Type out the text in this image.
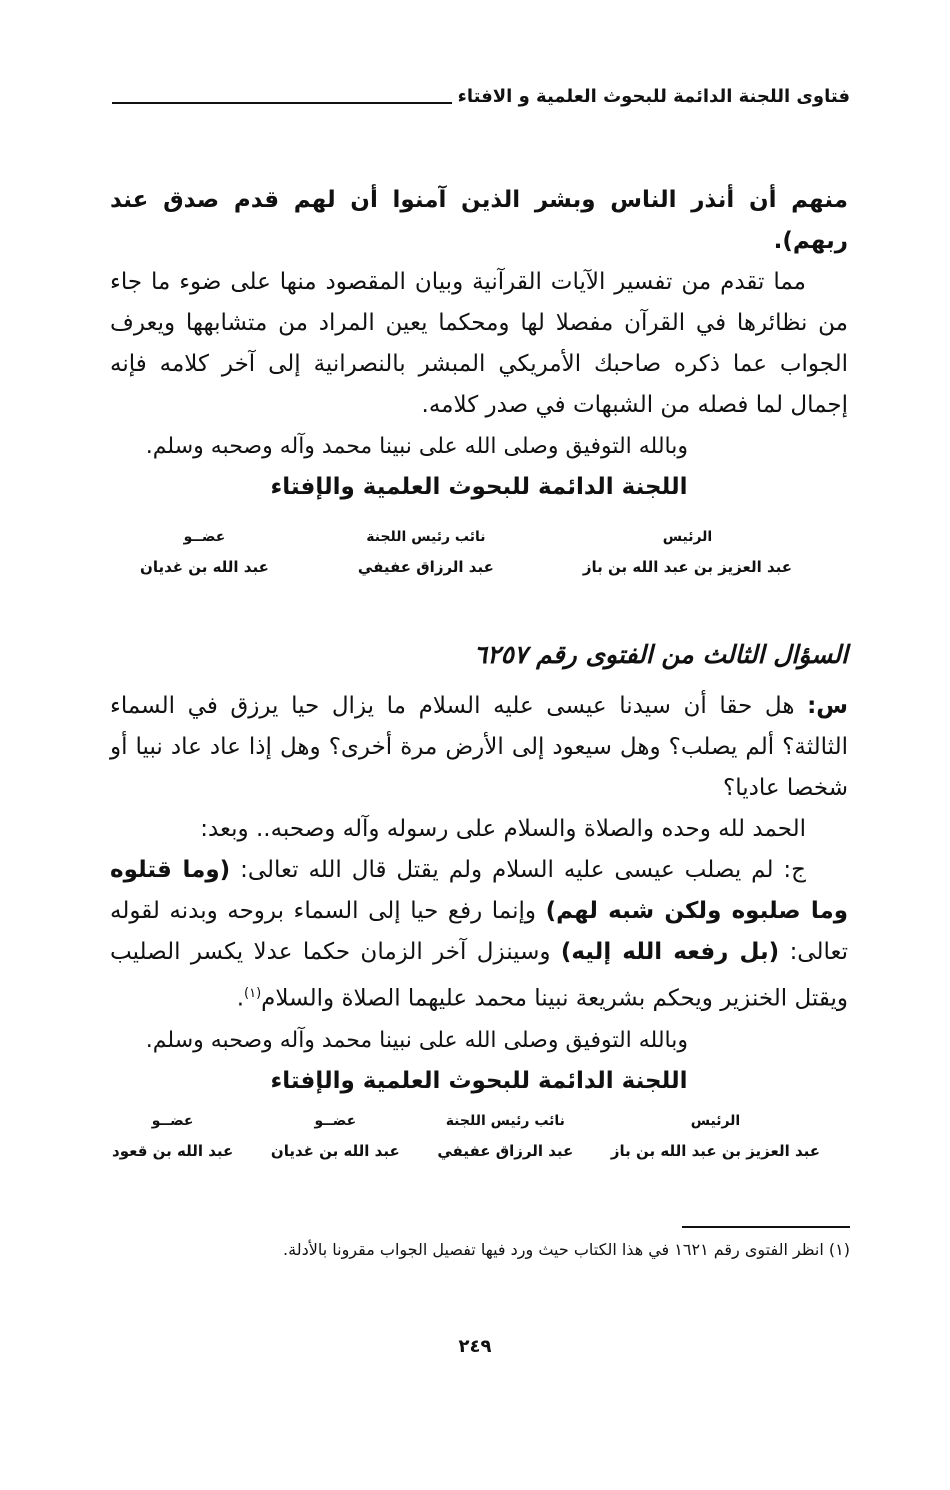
فتاوى اللجنة الدائمة للبحوث العلمية و الافتاء

منهم أن أنذر الناس وبشر الذين آمنوا أن لهم قدم صدق عند ربهم).

مما تقدم من تفسير الآيات القرآنية وبيان المقصود منها على ضوء ما جاء من نظائرها في القرآن مفصلا لها ومحكما يعين المراد من متشابهها ويعرف الجواب عما ذكره صاحبك الأمريكي المبشر بالنصرانية إلى آخر كلامه فإنه إجمال لما فصله من الشبهات في صدر كلامه.

وبالله التوفيق وصلى الله على نبينا محمد وآله وصحبه وسلم.

اللجنة الدائمة للبحوث العلمية والإفتاء

عضــو
عبد الله بن غديان
نائب رئيس اللجنة
عبد الرزاق عفيفي
الرئيس
عبد العزيز بن عبد الله بن باز
السؤال الثالث من الفتوى رقم ٦٢٥٧

س: هل حقا أن سيدنا عيسى عليه السلام ما يزال حيا يرزق في السماء الثالثة؟ ألم يصلب؟ وهل سيعود إلى الأرض مرة أخرى؟ وهل إذا عاد عاد نبيا أو شخصا عاديا؟

الحمد لله وحده والصلاة والسلام على رسوله وآله وصحبه.. وبعد:

ج: لم يصلب عيسى عليه السلام ولم يقتل قال الله تعالى: (وما قتلوه وما صلبوه ولكن شبه لهم) وإنما رفع حيا إلى السماء بروحه وبدنه لقوله تعالى: (بل رفعه الله إليه) وسينزل آخر الزمان حكما عدلا يكسر الصليب ويقتل الخنزير ويحكم بشريعة نبينا محمد عليهما الصلاة والسلام$^{(١)}$.

وبالله التوفيق وصلى الله على نبينا محمد وآله وصحبه وسلم.

اللجنة الدائمة للبحوث العلمية والإفتاء

عضــو
عبد الله بن قعود
عضــو
عبد الله بن غديان
نائب رئيس اللجنة
عبد الرزاق عفيفي
الرئيس
عبد العزيز بن عبد الله بن باز
(١) انظر الفتوى رقم ١٦٢١ في هذا الكتاب حيث ورد فيها تفصيل الجواب مقرونا بالأدلة.
٢٤٩
